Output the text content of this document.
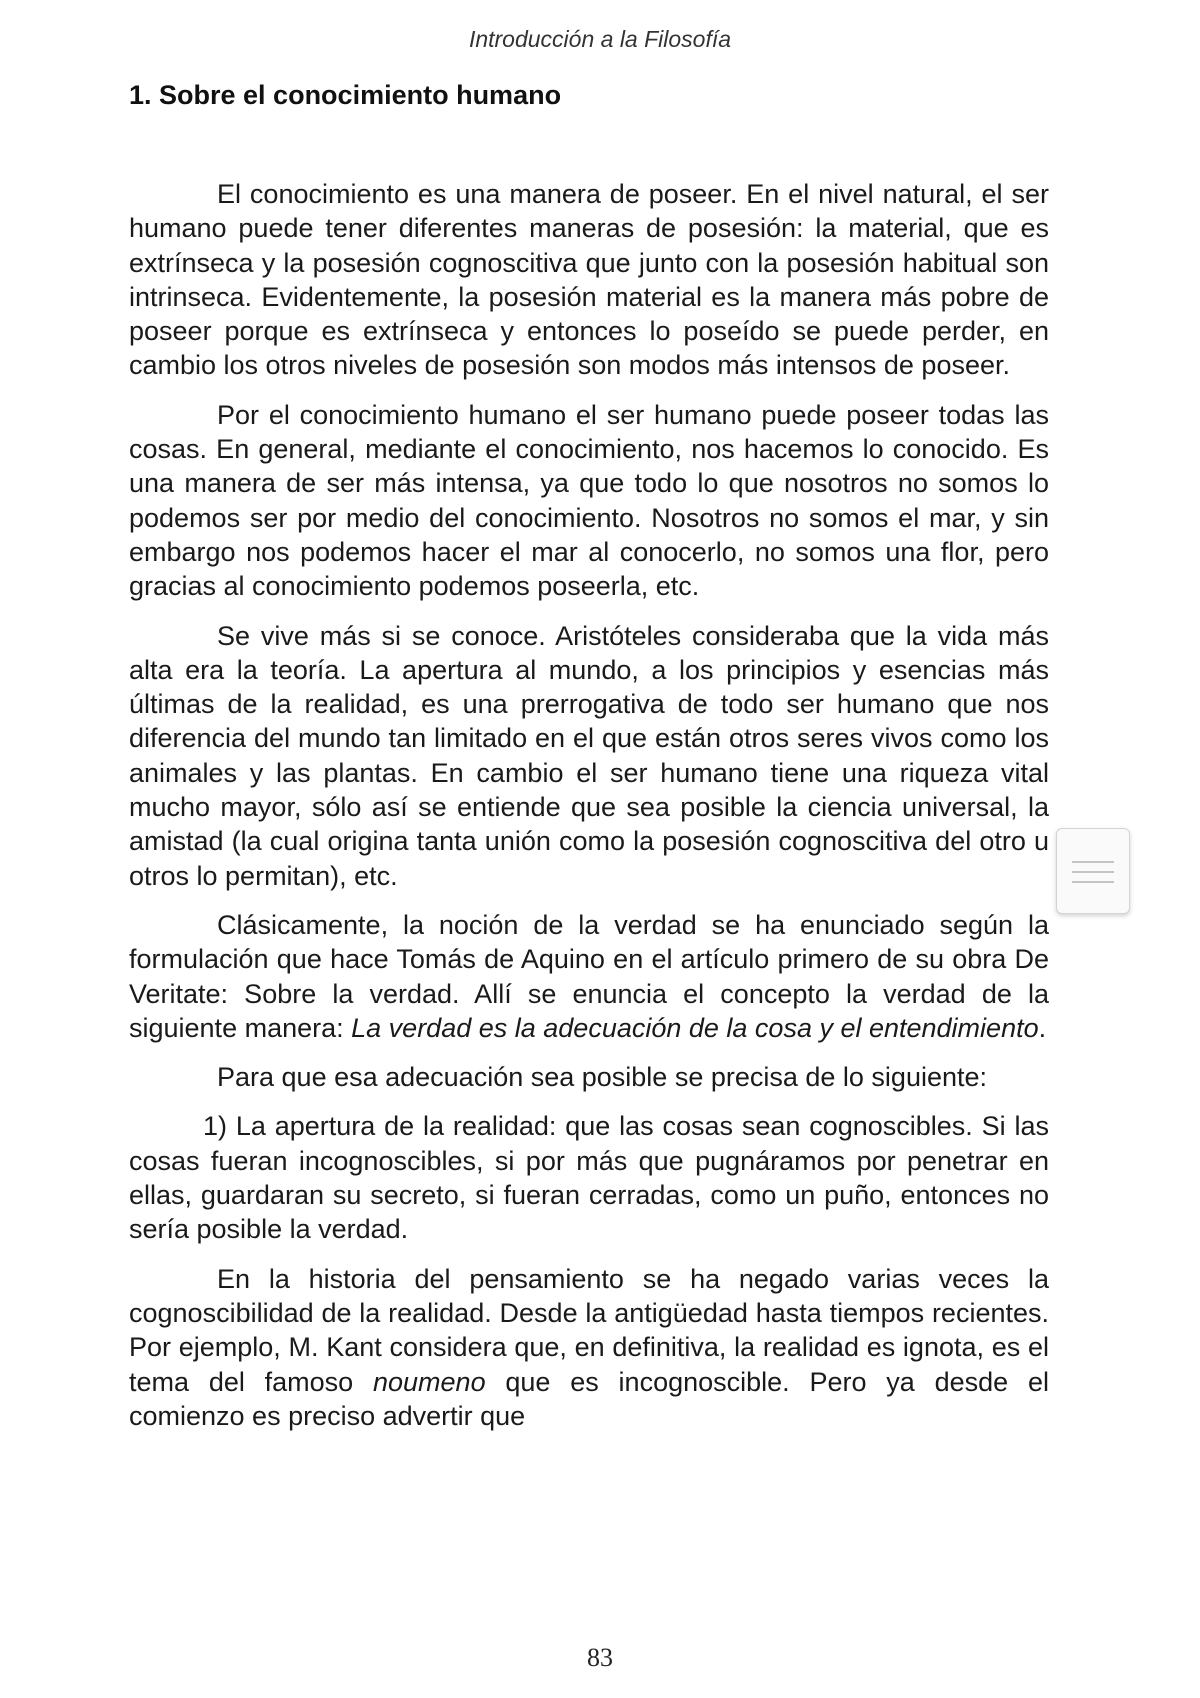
Introducción a la Filosofía
1. Sobre el conocimiento humano

El conocimiento es una manera de poseer. En el nivel natural, el ser humano puede tener diferentes maneras de posesión: la material, que es extrínseca y la posesión cognoscitiva que junto con la posesión habitual son intrinseca. Evidentemente, la posesión material es la manera más pobre de poseer porque es extrínseca y entonces lo poseído se puede perder, en cambio los otros niveles de posesión son modos más intensos de poseer.

Por el conocimiento humano el ser humano puede poseer todas las cosas. En general, mediante el conocimiento, nos hacemos lo conocido. Es una manera de ser más intensa, ya que todo lo que nosotros no somos lo podemos ser por medio del conocimiento. Nosotros no somos el mar, y sin embargo nos podemos hacer el mar al conocerlo, no somos una flor, pero gracias al conocimiento podemos poseerla, etc.

Se vive más si se conoce. Aristóteles consideraba que la vida más alta era la teoría. La apertura al mundo, a los principios y esencias más últimas de la realidad, es una prerrogativa de todo ser humano que nos diferencia del mundo tan limitado en el que están otros seres vivos como los animales y las plantas. En cambio el ser humano tiene una riqueza vital mucho mayor, sólo así se entiende que sea posible la ciencia universal, la amistad (la cual origina tanta unión como la posesión cognoscitiva del otro u otros lo permitan), etc.

Clásicamente, la noción de la verdad se ha enunciado según la formulación que hace Tomás de Aquino en el artículo primero de su obra De Veritate: Sobre la verdad. Allí se enuncia el concepto la verdad de la siguiente manera: La verdad es la adecuación de la cosa y el entendimiento.

Para que esa adecuación sea posible se precisa de lo siguiente:

1) La apertura de la realidad: que las cosas sean cognoscibles. Si las cosas fueran incognoscibles, si por más que pugnáramos por penetrar en ellas, guardaran su secreto, si fueran cerradas, como un puño, entonces no sería posible la verdad.

En la historia del pensamiento se ha negado varias veces la cognoscibilidad de la realidad. Desde la antigüedad hasta tiempos recientes. Por ejemplo, M. Kant considera que, en definitiva, la realidad es ignota, es el tema del famoso noumeno que es incognoscible. Pero ya desde el comienzo es preciso advertir que

83
